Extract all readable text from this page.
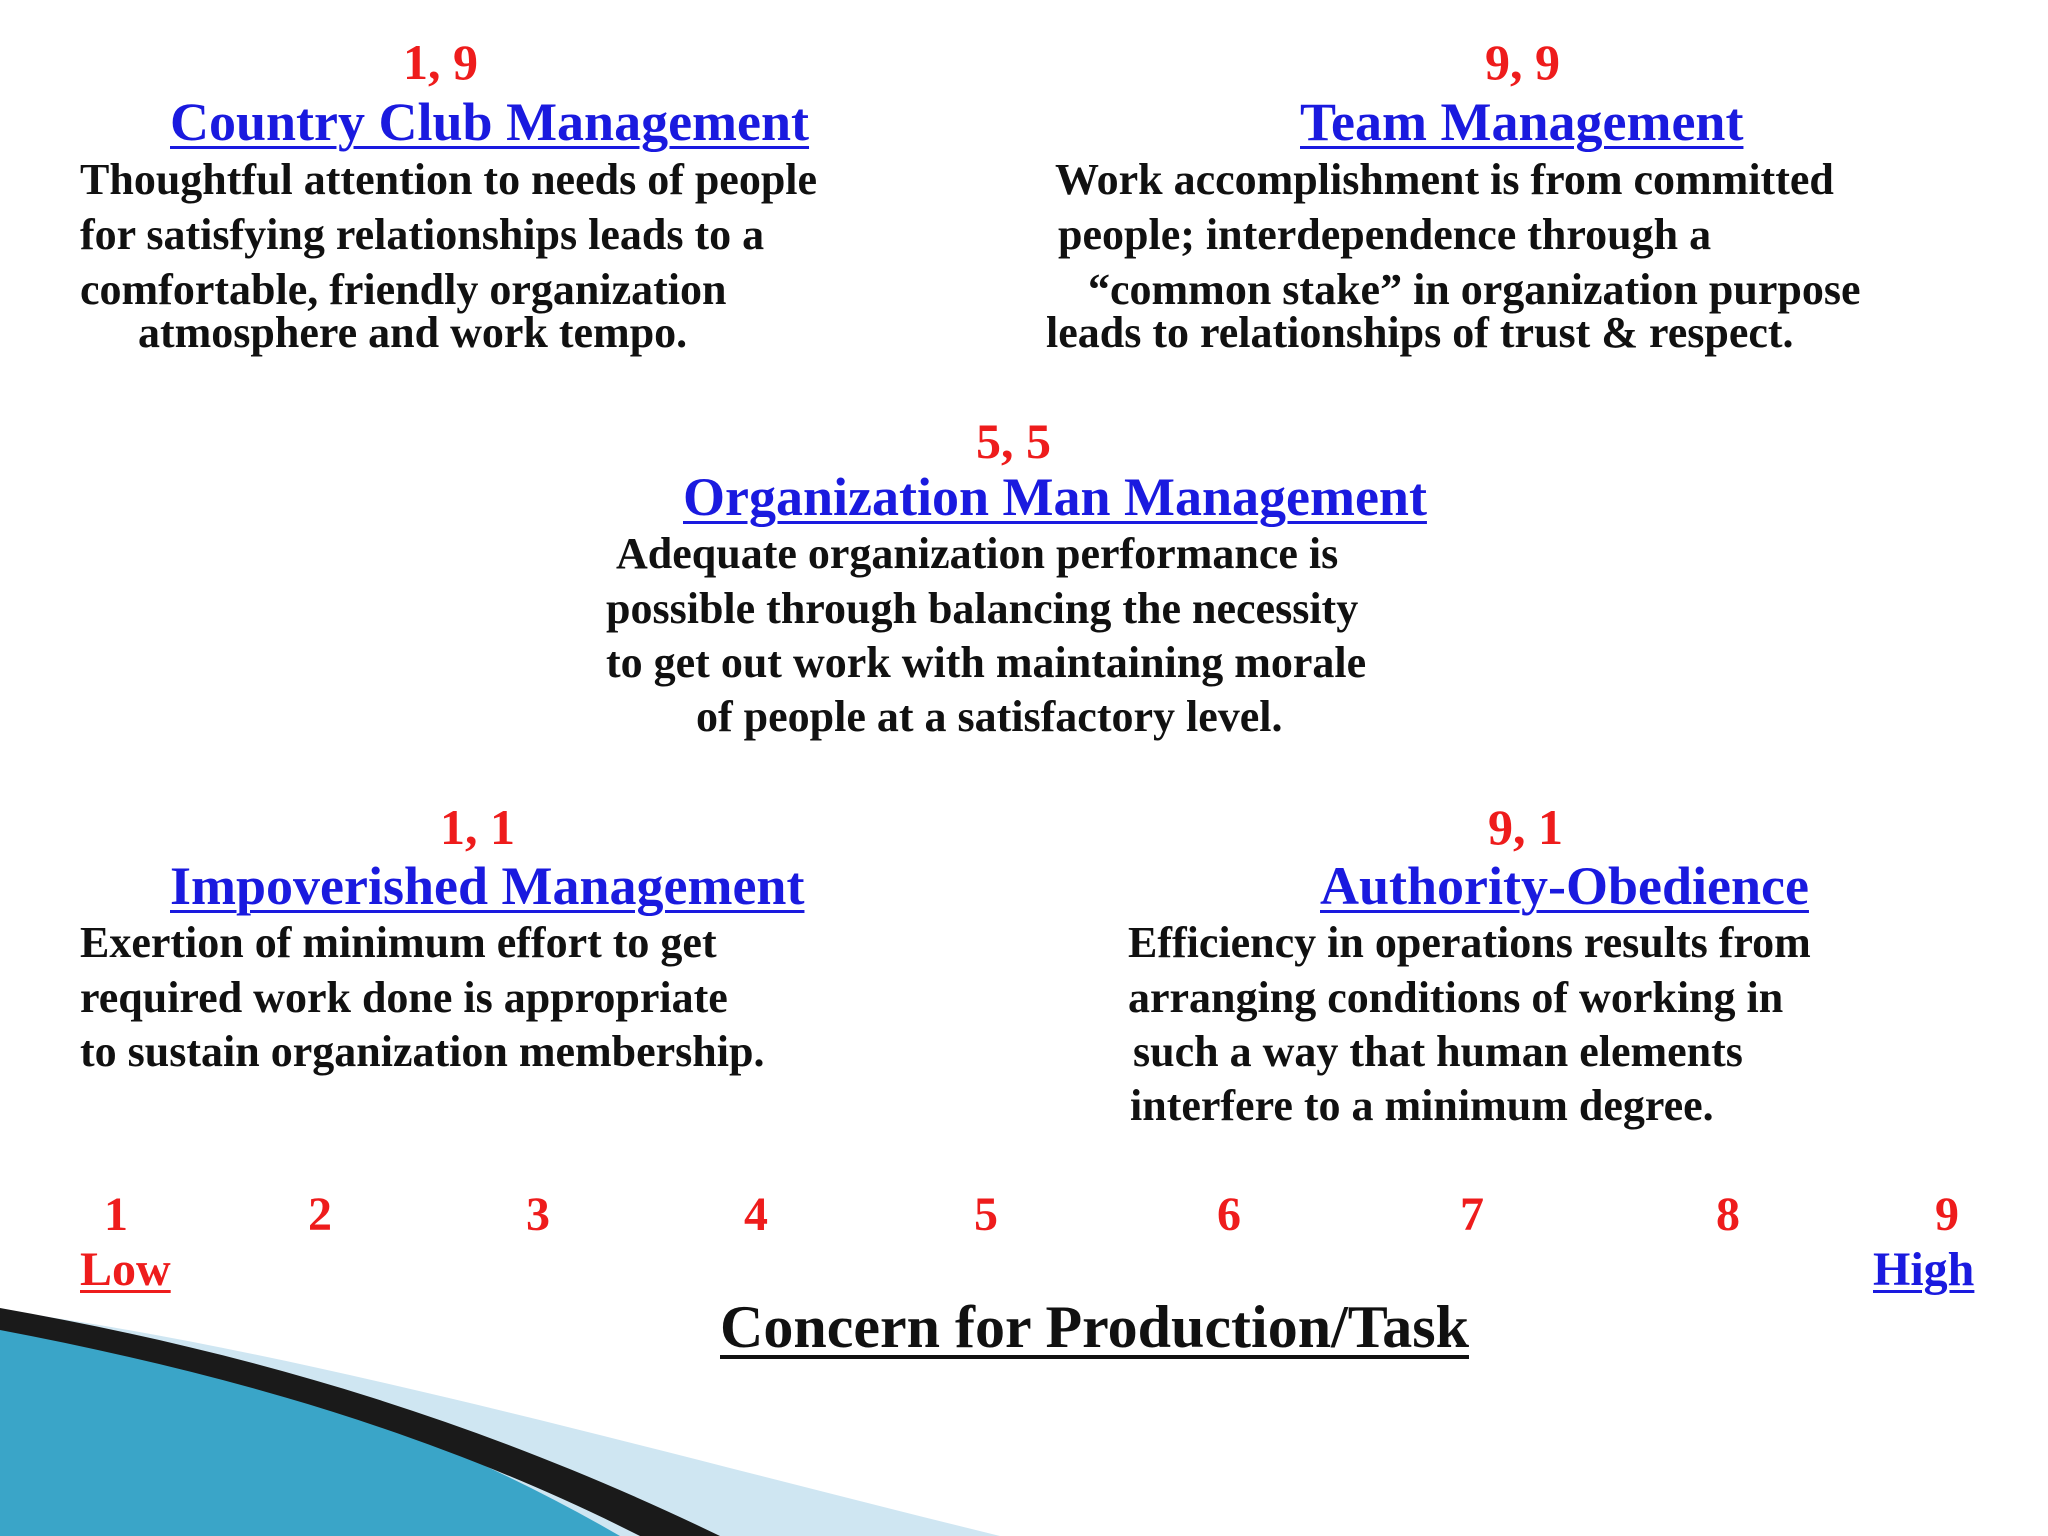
1, 9
Country Club Management
Thoughtful attention to needs of people
for satisfying relationships leads to a
comfortable, friendly organization
atmosphere and work tempo.
9, 9
Team Management
Work accomplishment is from committed
people; interdependence through a
“common stake” in organization purpose
leads to relationships of trust & respect.
5, 5
Organization Man Management
Adequate organization performance is
possible through balancing the necessity
to get out work with maintaining morale
of people at a satisfactory level.
1, 1
Impoverished Management
Exertion of minimum effort to get
required work done is appropriate
to sustain organization membership.
9, 1
Authority-Obedience
Efficiency in operations results from
arranging conditions of working in
such a way that human elements
interfere to a minimum degree.
1	2	3	4	5	6	7	8	9
Low	High
Concern for Production/Task
